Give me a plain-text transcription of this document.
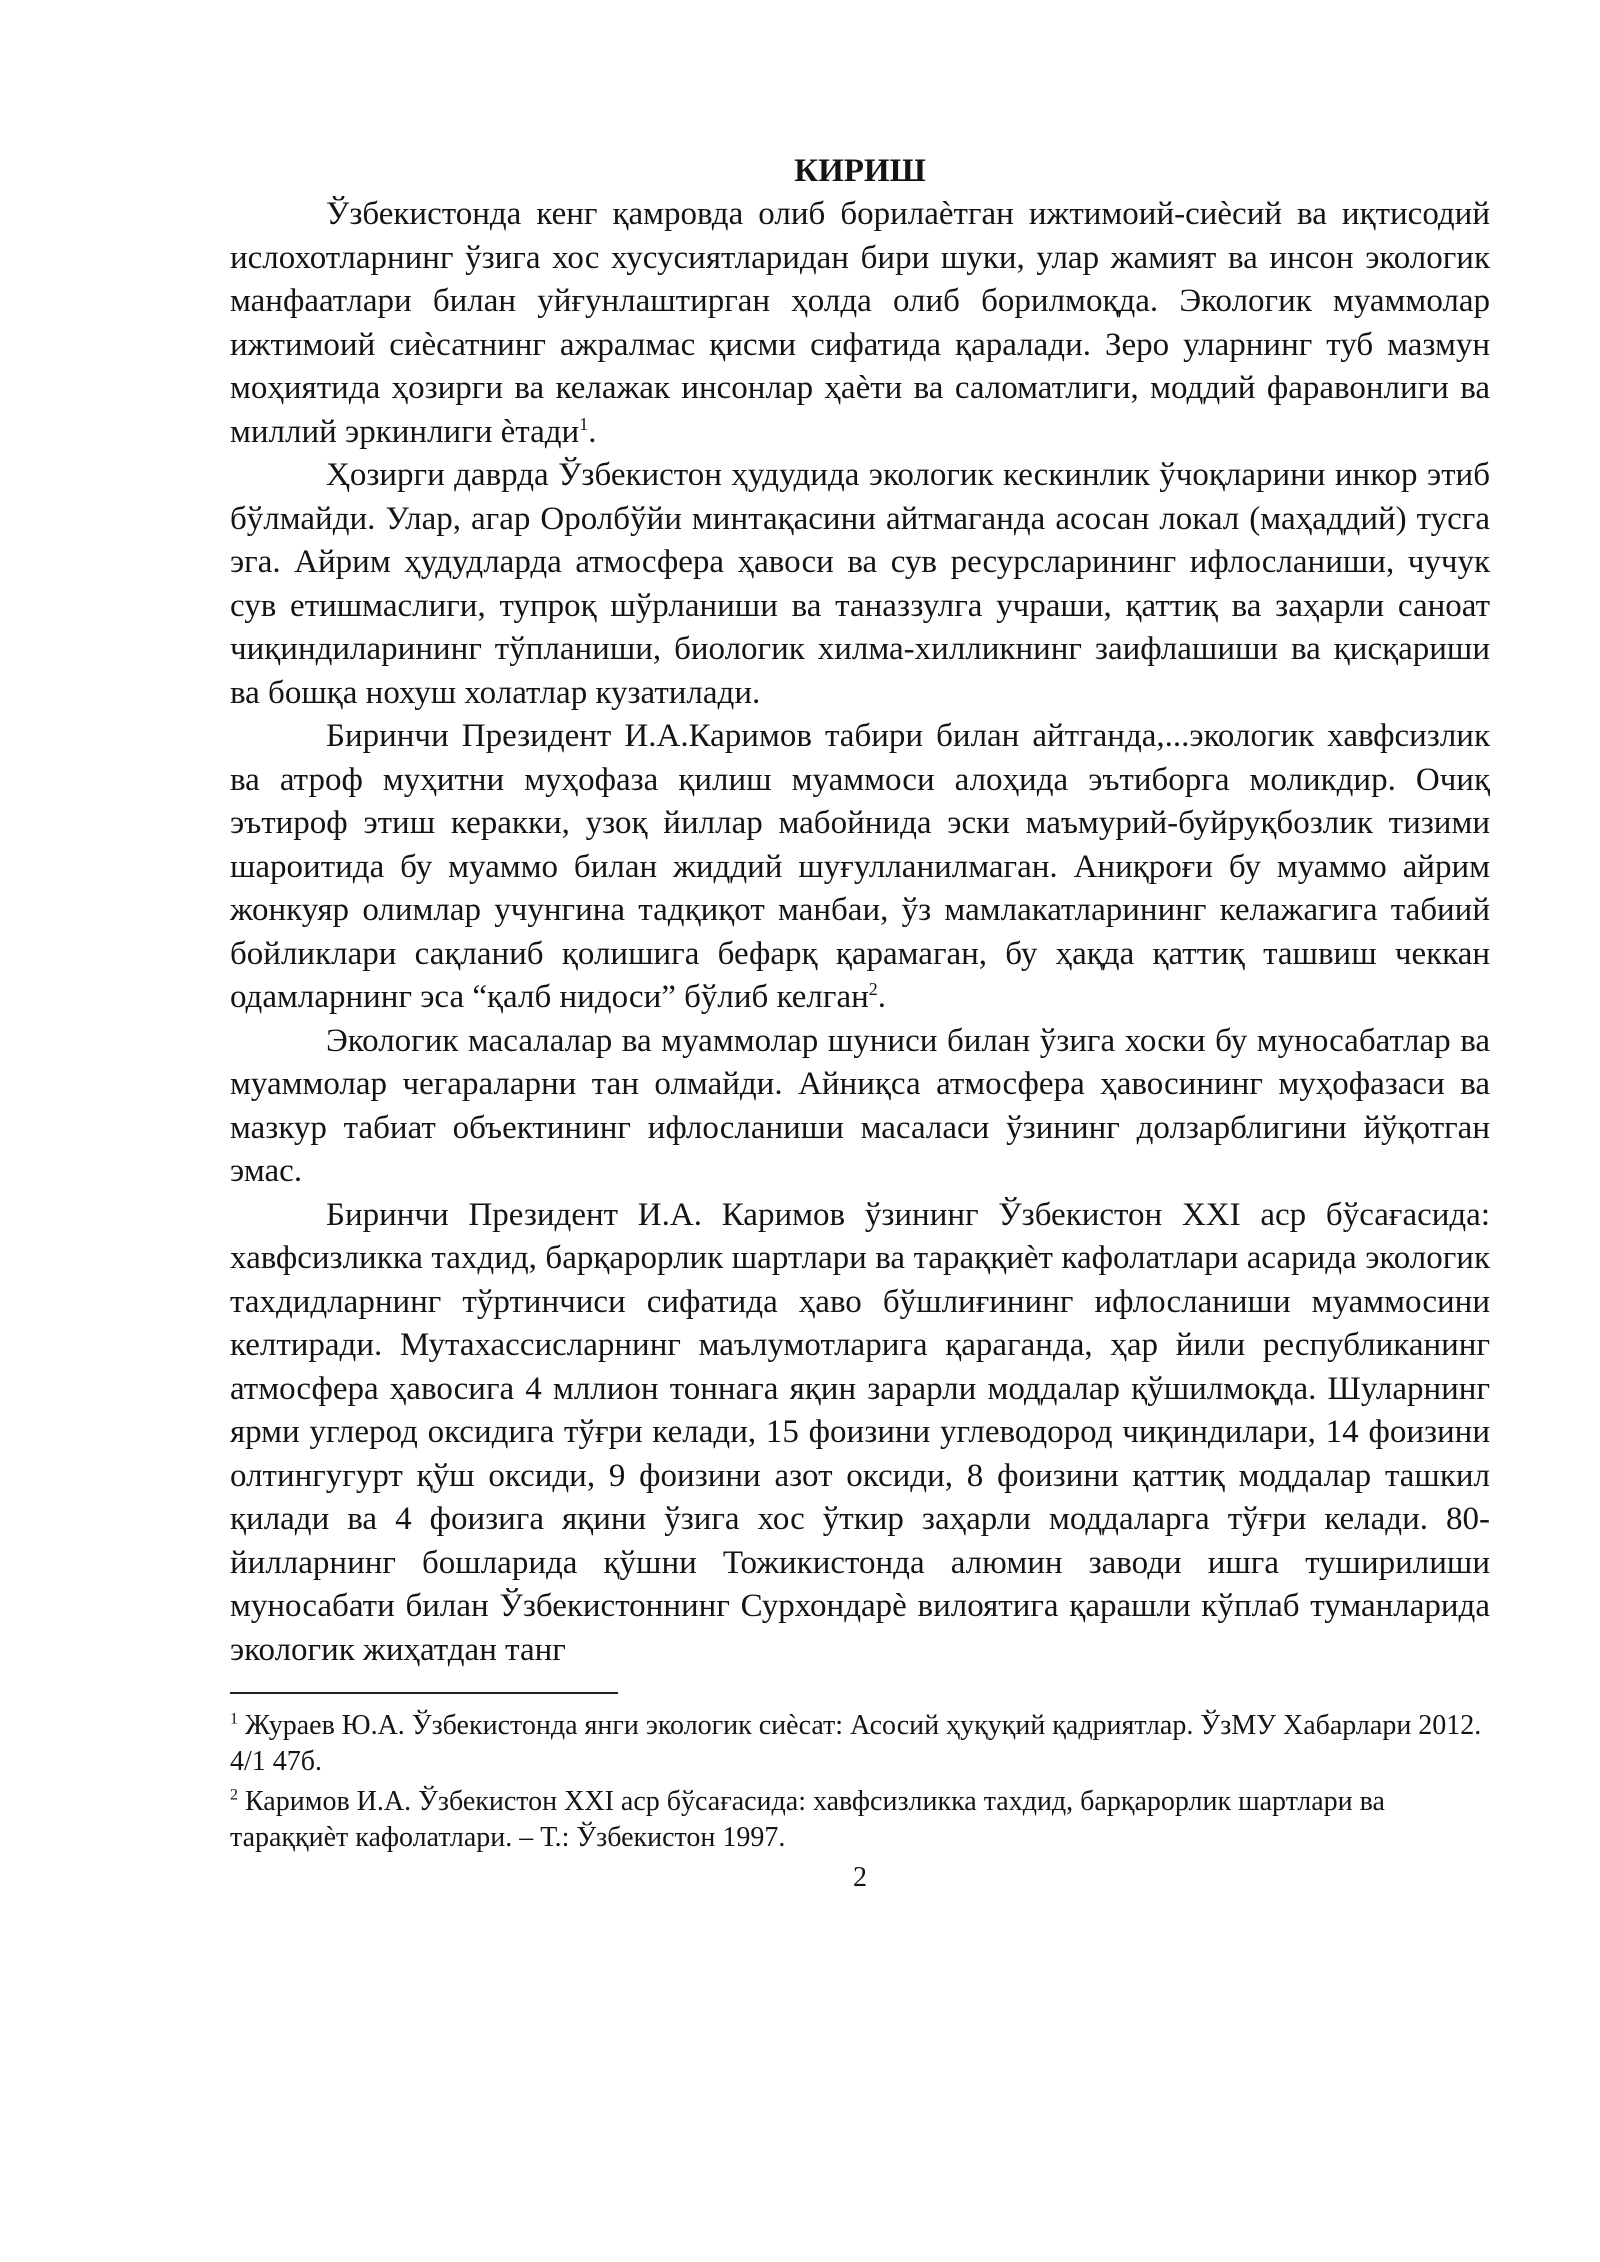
КИРИШ

Ўзбекистонда кенг қамровда олиб борилаѐтган ижтимоий-сиѐсий ва иқтисодий ислохотларнинг ўзига хос хусусиятларидан бири шуки, улар жамият ва инсон экологик манфаатлари билан уйғунлаштирган ҳолда олиб борилмоқда. Экологик муаммолар ижтимоий сиѐсатнинг ажралмас қисми сифатида қаралади. Зеро уларнинг туб мазмун моҳиятида ҳозирги ва келажак инсонлар ҳаѐти ва саломатлиги, моддий фаравонлиги ва миллий эркинлиги ѐтади$^1$.

Ҳозирги даврда Ўзбекистон ҳудудида экологик кескинлик ўчоқларини инкор этиб бўлмайди. Улар, агар Оролбўйи минтақасини айтмаганда асосан локал (маҳаддий) тусга эга. Айрим ҳудудларда атмосфера ҳавоси ва сув ресурсларининг ифлосланиши, чучук сув етишмаслиги, тупроқ шўрланиши ва таназзулга учраши, қаттиқ ва заҳарли саноат чиқиндиларининг тўпланиши, биологик хилма-хилликнинг заифлашиши ва қисқариши ва бошқа нохуш холатлар кузатилади.

Биринчи Президент И.А.Каримов табири билан айтганда,...экологик хавфсизлик ва атроф муҳитни муҳофаза қилиш муаммоси алоҳида эътиборга моликдир. Очиқ эътироф этиш керакки, узоқ йиллар мабойнида эски маъмурий-буйруқбозлик тизими шароитида бу муаммо билан жиддий шуғулланилмаган. Аниқроғи бу муаммо айрим жонкуяр олимлар учунгина тадқиқот манбаи, ўз мамлакатларининг келажагига табиий бойликлари сақланиб қолишига бефарқ қарамаган, бу ҳақда қаттиқ ташвиш чеккан одамларнинг эса “қалб нидоси” бўлиб келган$^2$.

Экологик масалалар ва муаммолар шуниси билан ўзига хоски бу муносабатлар ва муаммолар чегараларни тан олмайди. Айниқса атмосфера ҳавосининг муҳофазаси ва мазкур табиат объектининг ифлосланиши масаласи ўзининг долзарблигини йўқотган эмас.

Биринчи Президент И.А. Каримов ўзининг Ўзбекистон XXI аср бўсағасида: хавфсизликка тахдид, барқарорлик шартлари ва тараққиѐт кафолатлари асарида экологик тахдидларнинг тўртинчиси сифатида ҳаво бўшлиғининг ифлосланиши муаммосини келтиради. Мутахассисларнинг маълумотларига қараганда, ҳар йили республиканинг атмосфера ҳавосига 4 мллион тоннага яқин зарарли моддалар қўшилмоқда. Шуларнинг ярми углерод оксидига тўғри келади, 15 фоизини углеводород чиқиндилари, 14 фоизини олтингугурт қўш оксиди, 9 фоизини азот оксиди, 8 фоизини қаттиқ моддалар ташкил қилади ва 4 фоизига яқини ўзига хос ўткир заҳарли моддаларга тўғри келади. 80-йилларнинг бошларида қўшни Тожикистонда алюмин заводи ишга туширилиши муносабати билан Ўзбекистоннинг Сурхондарѐ вилоятига қарашли кўплаб туманларида экологик жиҳатдан танг

$^1$ Жураев Ю.А. Ўзбекистонда янги экологик сиѐсат: Асосий ҳуқуқий қадриятлар. ЎзМУ Хабарлари 2012. 4/1 47б.

$^2$ Каримов И.А. Ўзбекистон XXI аср бўсағасида: хавфсизликка тахдид, барқарорлик шартлари ва тараққиѐт кафолатлари. – Т.: Ўзбекистон 1997.

2
